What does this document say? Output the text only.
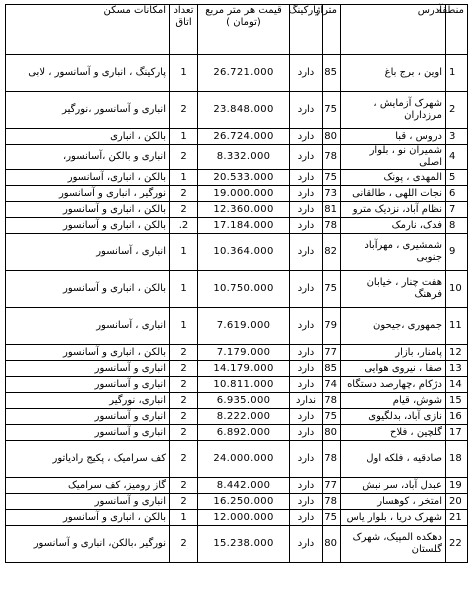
منطقه	آدرس	متراژ	پارکینگ	قیمت هر متر مربع (تومان )	تعداد اتاق	امکانات مسکن
1	اوین ، برج باغ	85	دارد	26.721.000	1	پارکینگ ، انباری و آسانسور ، لابی
2	شهرک آزمایش ، مرزداران	75	دارد	23.848.000	2	انباری و آسانسور ،نورگیر
3	دروس ، قبا	80	دارد	26.724.000	1	بالکن ، انباری
4	شمیران نو ، بلوار اصلی	78	دارد	8.332.000	2	انباری و بالکن ،آسانسور،
5	المهدی ، پونک	75	دارد	20.533.000	1	بالکن ، انباری، آسانسور
6	نجات اللهی ، طالقانی	73	دارد	19.000.000	2	نورگیر ، انباری و آسانسور
7	نظام آباد، نزدیک مترو	81	دارد	12.360.000	2	بالکن ، انباری و آسانسور
8	فدک، نارمک	78	دارد	17.184.000	2.	بالکن ، انباری و آسانسور
9	شمشیری ، مهرآباد جنوبی	82	دارد	10.364.000	1	انباری ، آسانسور
10	هفت چنار ، خیابان فرهنگ	75	دارد	10.750.000	1	بالکن ، انباری و آسانسور
11	جمهوری ،جیحون	79	دارد	7.619.000	1	انباری ، آسانسور
12	پامنار، بازار	77	دارد	7.179.000	2	بالکن ، انباری و آسانسور
13	صفا ، نیروی هوایی	85	دارد	14.179.000	2	انباری و آسانسور
14	دژکام ،چهارصد دستگاه	74	دارد	10.811.000	2	انباری و آسانسور
15	شوش، قیام	78	ندارد	6.935.000	2	انباری، نورگیر
16	نازی آباد، بدلگیوی	75	دارد	8.222.000	2	انباری و آسانسور
17	گلچین ، فلاح	80	دارد	6.892.000	2	انباری و آسانسور
18	صادقیه ، فلکه اول	78	دارد	24.000.000	2	کف سرامیک ، پکیج رادیاتور
19	عبدل آباد، سر نبش	77	دارد	8.442.000	2	گاز رومیز، کف سرامیک
20	امتخر ، کوهسار	78	دارد	16.250.000	2	انباری و آسانسور
21	شهرک دریا ، بلوار یاس	75	دارد	12.000.000	1	بالکن ، انباری و آسانسور
22	دهکده المپیک، شهرک گلستان	80	دارد	15.238.000	2	نورگیر ،بالکن، انباری و آسانسور
